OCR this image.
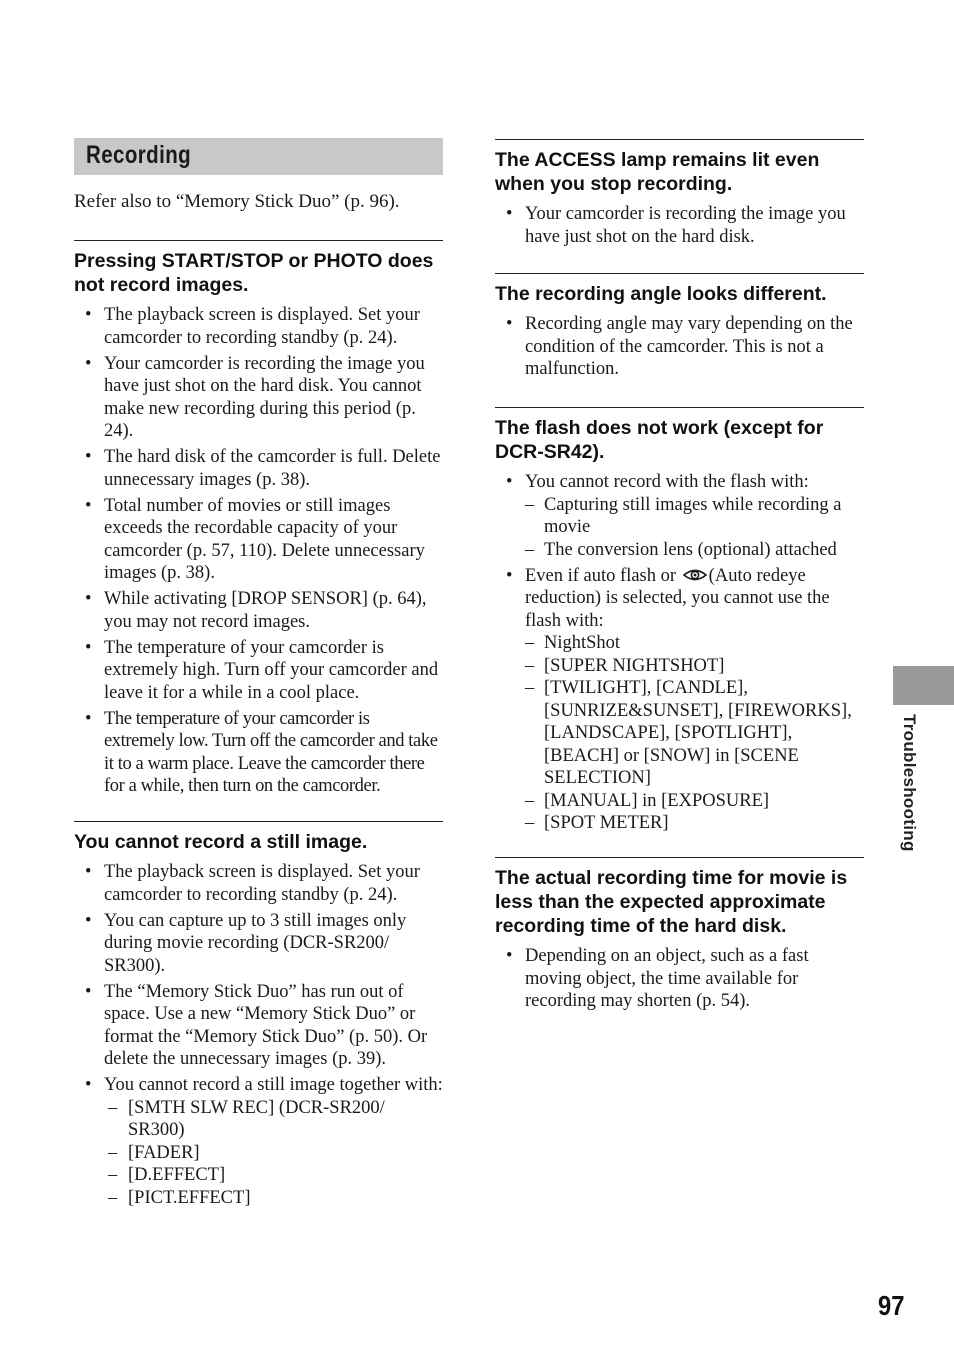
Recording

Refer also to “Memory Stick Duo” (p. 96).

Pressing START/STOP or PHOTO does not record images.
• The playback screen is displayed. Set your camcorder to recording standby (p. 24).
• Your camcorder is recording the image you have just shot on the hard disk. You cannot make new recording during this period (p. 24).
• The hard disk of the camcorder is full. Delete unnecessary images (p. 38).
• Total number of movies or still images exceeds the recordable capacity of your camcorder (p. 57, 110). Delete unnecessary images (p. 38).
• While activating [DROP SENSOR] (p. 64), you may not record images.
• The temperature of your camcorder is extremely high. Turn off your camcorder and leave it for a while in a cool place.
• The temperature of your camcorder is extremely low. Turn off the camcorder and take it to a warm place. Leave the camcorder there for a while, then turn on the camcorder.
You cannot record a still image.
• The playback screen is displayed. Set your camcorder to recording standby (p. 24).
• You can capture up to 3 still images only during movie recording (DCR-SR200/ SR300).
• The “Memory Stick Duo” has run out of space. Use a new “Memory Stick Duo” or format the “Memory Stick Duo” (p. 50). Or delete the unnecessary images (p. 39).
• You cannot record a still image together with:
– [SMTH SLW REC] (DCR-SR200/ SR300)
– [FADER]
– [D.EFFECT]
– [PICT.EFFECT]
The ACCESS lamp remains lit even when you stop recording.
• Your camcorder is recording the image you have just shot on the hard disk.
The recording angle looks different.
• Recording angle may vary depending on the condition of the camcorder. This is not a malfunction.
The flash does not work (except for DCR-SR42).
• You cannot record with the flash with:
– Capturing still images while recording a movie
– The conversion lens (optional) attached
• Even if auto flash or (Auto redeye reduction) is selected, you cannot use the flash with:
– NightShot
– [SUPER NIGHTSHOT]
– [TWILIGHT], [CANDLE], [SUNRIZE&SUNSET], [FIREWORKS], [LANDSCAPE], [SPOTLIGHT], [BEACH] or [SNOW] in [SCENE SELECTION]
– [MANUAL] in [EXPOSURE]
– [SPOT METER]
The actual recording time for movie is less than the expected approximate recording time of the hard disk.
• Depending on an object, such as a fast moving object, the time available for recording may shorten (p. 54).
Troubleshooting
97
